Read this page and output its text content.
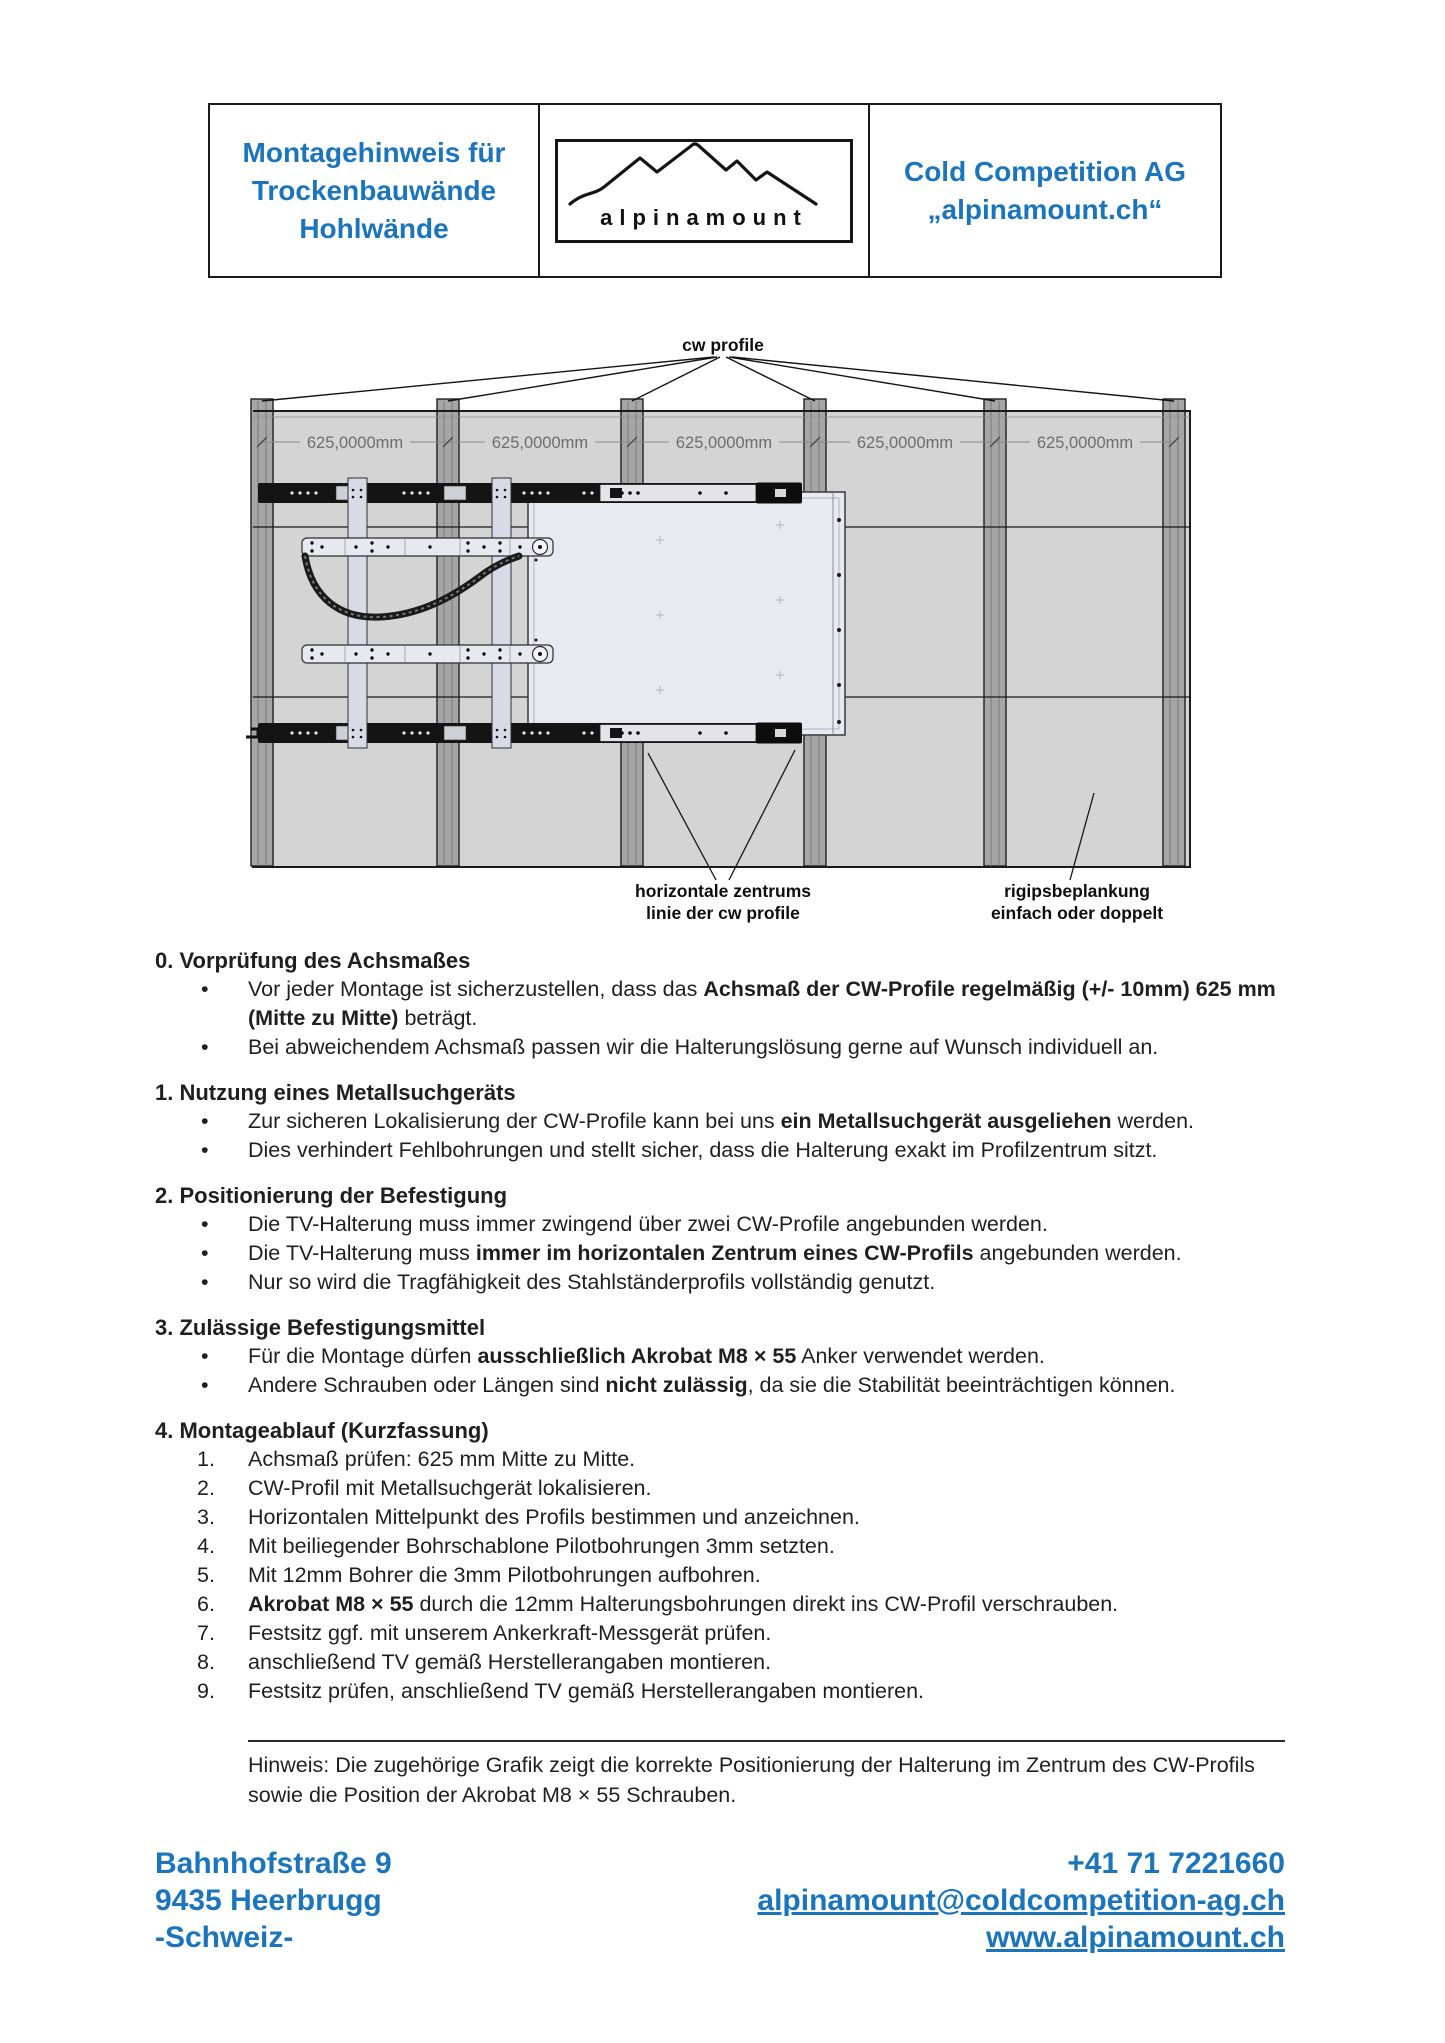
Montagehinweis für
Trockenbauwände
Hohlwände	alpinamount
Cold Competition AG
„alpinamount.ch“
625,0000mm	625,0000mm	625,0000mm	625,0000mm	625,0000mm
cw profile
horizontale zentrums
linie der cw profile
rigipsbeplankung
einfach oder doppelt
0. Vorprüfung des Achsmaßes
• Vor jeder Montage ist sicherzustellen, dass das Achsmaß der CW-Profile regelmäßig (+/- 10mm) 625 mm (Mitte zu Mitte) beträgt.
• Bei abweichendem Achsmaß passen wir die Halterungslösung gerne auf Wunsch individuell an.
1. Nutzung eines Metallsuchgeräts
• Zur sicheren Lokalisierung der CW-Profile kann bei uns ein Metallsuchgerät ausgeliehen werden.
• Dies verhindert Fehlbohrungen und stellt sicher, dass die Halterung exakt im Profilzentrum sitzt.
2. Positionierung der Befestigung
• Die TV-Halterung muss immer zwingend über zwei CW-Profile angebunden werden.
• Die TV-Halterung muss immer im horizontalen Zentrum eines CW-Profils angebunden werden.
• Nur so wird die Tragfähigkeit des Stahlständerprofils vollständig genutzt.
3. Zulässige Befestigungsmittel
• Für die Montage dürfen ausschließlich Akrobat M8 × 55 Anker verwendet werden.
• Andere Schrauben oder Längen sind nicht zulässig, da sie die Stabilität beeinträchtigen können.
4. Montageablauf (Kurzfassung)
1. Achsmaß prüfen: 625 mm Mitte zu Mitte.
2. CW-Profil mit Metallsuchgerät lokalisieren.
3. Horizontalen Mittelpunkt des Profils bestimmen und anzeichnen.
4. Mit beiliegender Bohrschablone Pilotbohrungen 3mm setzten.
5. Mit 12mm Bohrer die 3mm Pilotbohrungen aufbohren.
6. Akrobat M8 × 55 durch die 12mm Halterungsbohrungen direkt ins CW-Profil verschrauben.
7. Festsitz ggf. mit unserem Ankerkraft-Messgerät prüfen.
8. anschließend TV gemäß Herstellerangaben montieren.
9. Festsitz prüfen, anschließend TV gemäß Herstellerangaben montieren.

Hinweis: Die zugehörige Grafik zeigt die korrekte Positionierung der Halterung im Zentrum des CW-Profils sowie die Position der Akrobat M8 × 55 Schrauben.

Bahnhofstraße 9
9435 Heerbrugg
-Schweiz-
+41 71 7221660
alpinamount@coldcompetition-ag.ch
www.alpinamount.ch
